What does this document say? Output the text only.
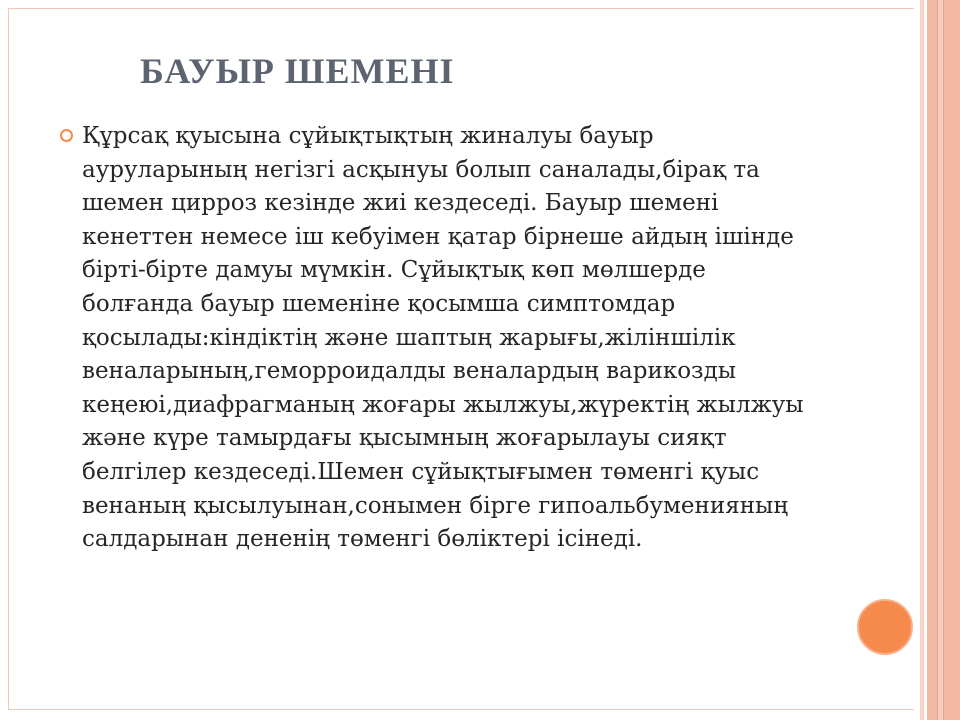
БАУЫР ШЕМЕНІ

Құрсақ қуысына сұйықтықтың жиналуы бауыр
ауруларының негізгі асқынуы болып саналады,бірақ та
шемен цирроз кезінде жиі кездеседі. Бауыр шемені
кенеттен немесе іш кебуімен қатар бірнеше айдың ішінде
бірті-бірте дамуы мүмкін. Сұйықтық көп мөлшерде
болғанда бауыр шеменіне қосымша симптомдар
қосылады:кіндіктің және шаптың жарығы,жіліншілік
веналарының,геморроидалды веналардың варикозды
кеңеюі,диафрагманың жоғары жылжуы,жүректің жылжуы
және күре тамырдағы қысымның жоғарылауы сияқт
белгілер кездеседі.Шемен сұйықтығымен төменгі қуыс
венаның қысылуынан,сонымен бірге гипоальбуменияның
салдарынан дененің төменгі бөліктері ісінеді.
